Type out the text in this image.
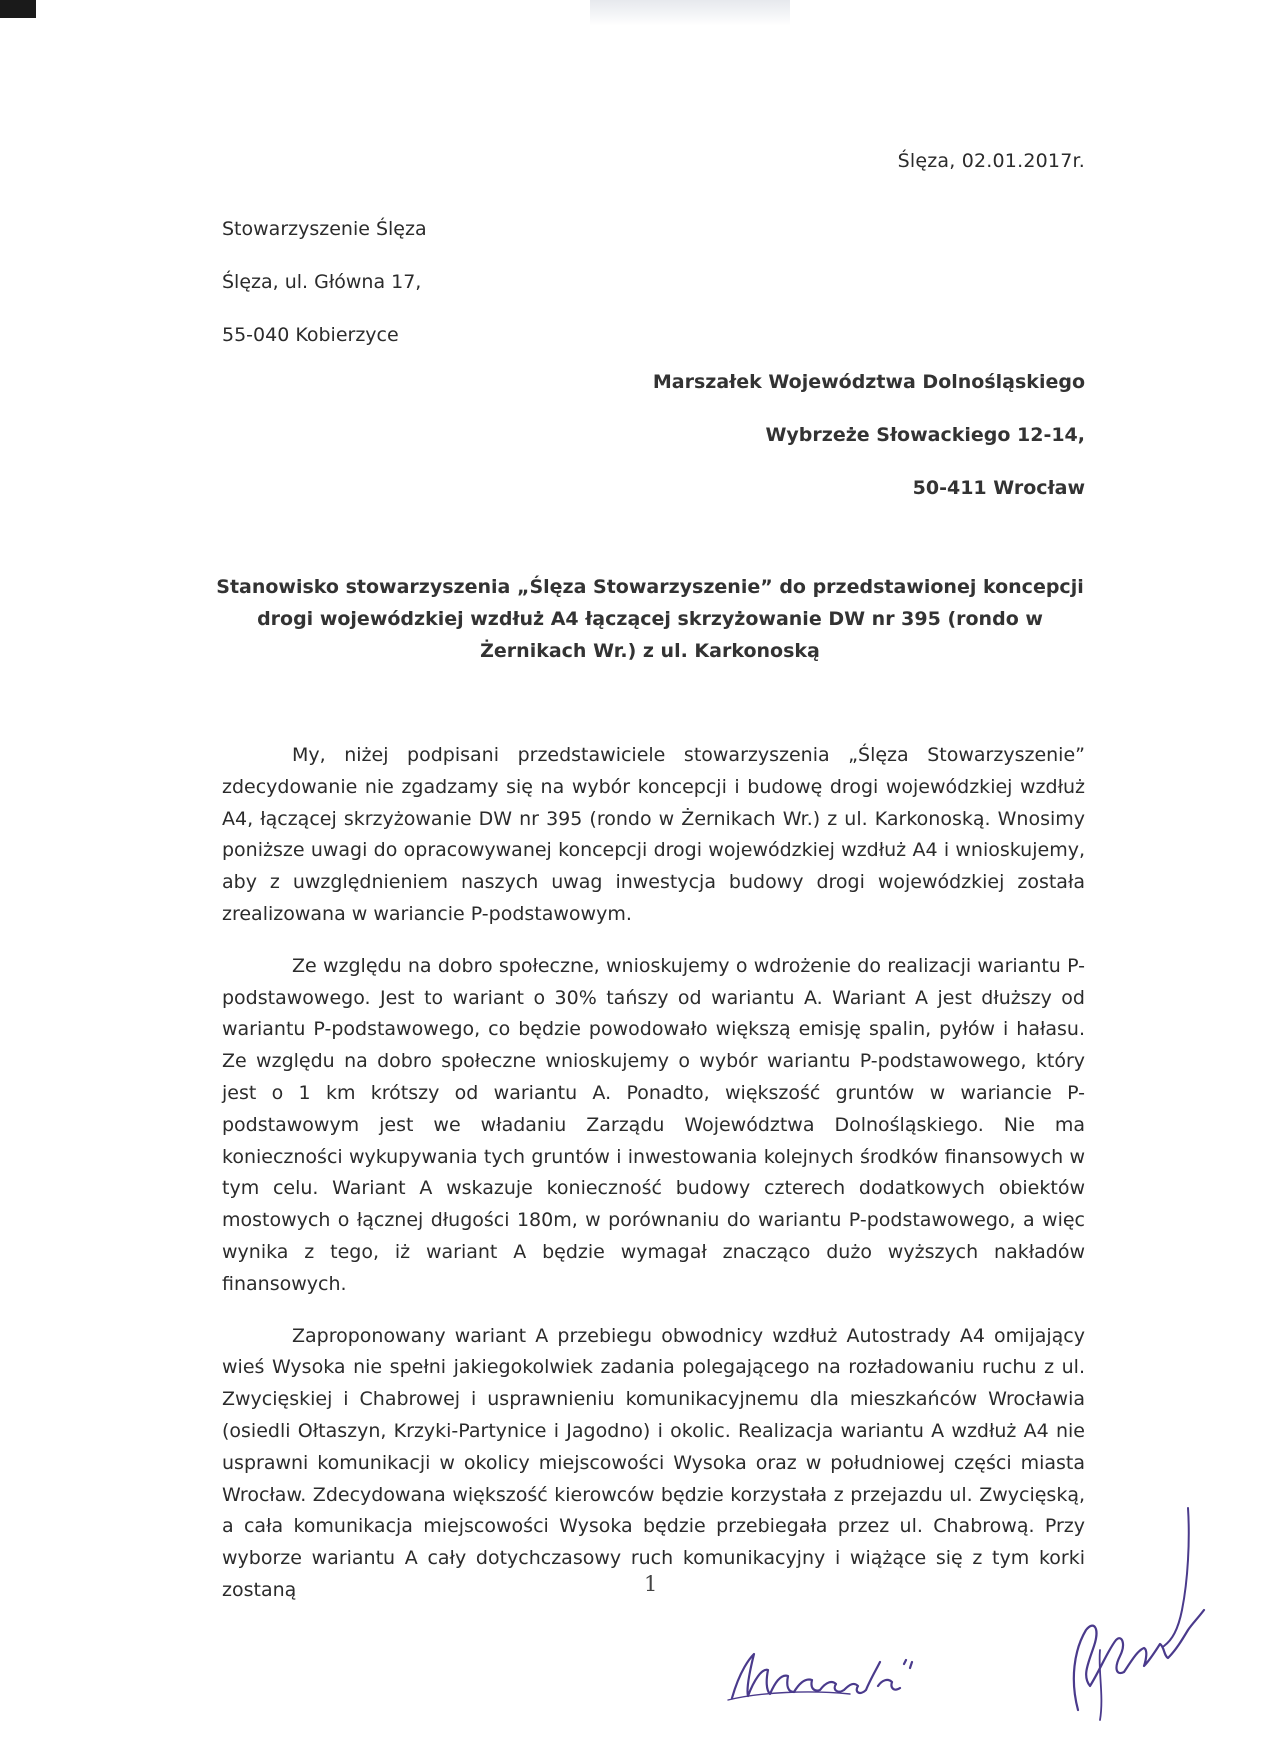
Ślęza, 02.01.2017r.
Stowarzyszenie Ślęza
Ślęza, ul. Główna 17,
55-040 Kobierzyce
Marszałek Województwa Dolnośląskiego
Wybrzeże Słowackiego 12-14,
50-411 Wrocław
Stanowisko stowarzyszenia „Ślęza Stowarzyszenie” do przedstawionej koncepcji drogi wojewódzkiej wzdłuż A4 łączącej skrzyżowanie DW nr 395 (rondo w Żernikach Wr.) z ul. Karkonoską

My, niżej podpisani przedstawiciele stowarzyszenia „Ślęza Stowarzyszenie” zdecydowanie nie zgadzamy się na wybór koncepcji i budowę drogi wojewódzkiej wzdłuż A4, łączącej skrzyżowanie DW nr 395 (rondo w Żernikach Wr.) z ul. Karkonoską. Wnosimy poniższe uwagi do opracowywanej koncepcji drogi wojewódzkiej wzdłuż A4 i wnioskujemy, aby z uwzględnieniem naszych uwag inwestycja budowy drogi wojewódzkiej została zrealizowana w wariancie P-podstawowym.

Ze względu na dobro społeczne, wnioskujemy o wdrożenie do realizacji wariantu P-podstawowego. Jest to wariant o 30% tańszy od wariantu A. Wariant A jest dłuższy od wariantu P-podstawowego, co będzie powodowało większą emisję spalin, pyłów i hałasu. Ze względu na dobro społeczne wnioskujemy o wybór wariantu P-podstawowego, który jest o 1 km krótszy od wariantu A. Ponadto, większość gruntów w wariancie P-podstawowym jest we władaniu Zarządu Województwa Dolnośląskiego. Nie ma konieczności wykupywania tych gruntów i inwestowania kolejnych środków finansowych w tym celu. Wariant A wskazuje konieczność budowy czterech dodatkowych obiektów mostowych o łącznej długości 180m, w porównaniu do wariantu P-podstawowego, a więc wynika z tego, iż wariant A będzie wymagał znacząco dużo wyższych nakładów finansowych.

Zaproponowany wariant A przebiegu obwodnicy wzdłuż Autostrady A4 omijający wieś Wysoka nie spełni jakiegokolwiek zadania polegającego na rozładowaniu ruchu z ul. Zwycięskiej i Chabrowej i usprawnieniu komunikacyjnemu dla mieszkańców Wrocławia (osiedli Ołtaszyn, Krzyki-Partynice i Jagodno) i okolic. Realizacja wariantu A wzdłuż A4 nie usprawni komunikacji w okolicy miejscowości Wysoka oraz w południowej części miasta Wrocław. Zdecydowana większość kierowców będzie korzystała z przejazdu ul. Zwycięską, a cała komunikacja miejscowości Wysoka będzie przebiegała przez ul. Chabrową. Przy wyborze wariantu A cały dotychczasowy ruch komunikacyjny i wiążące się z tym korki zostaną	1
